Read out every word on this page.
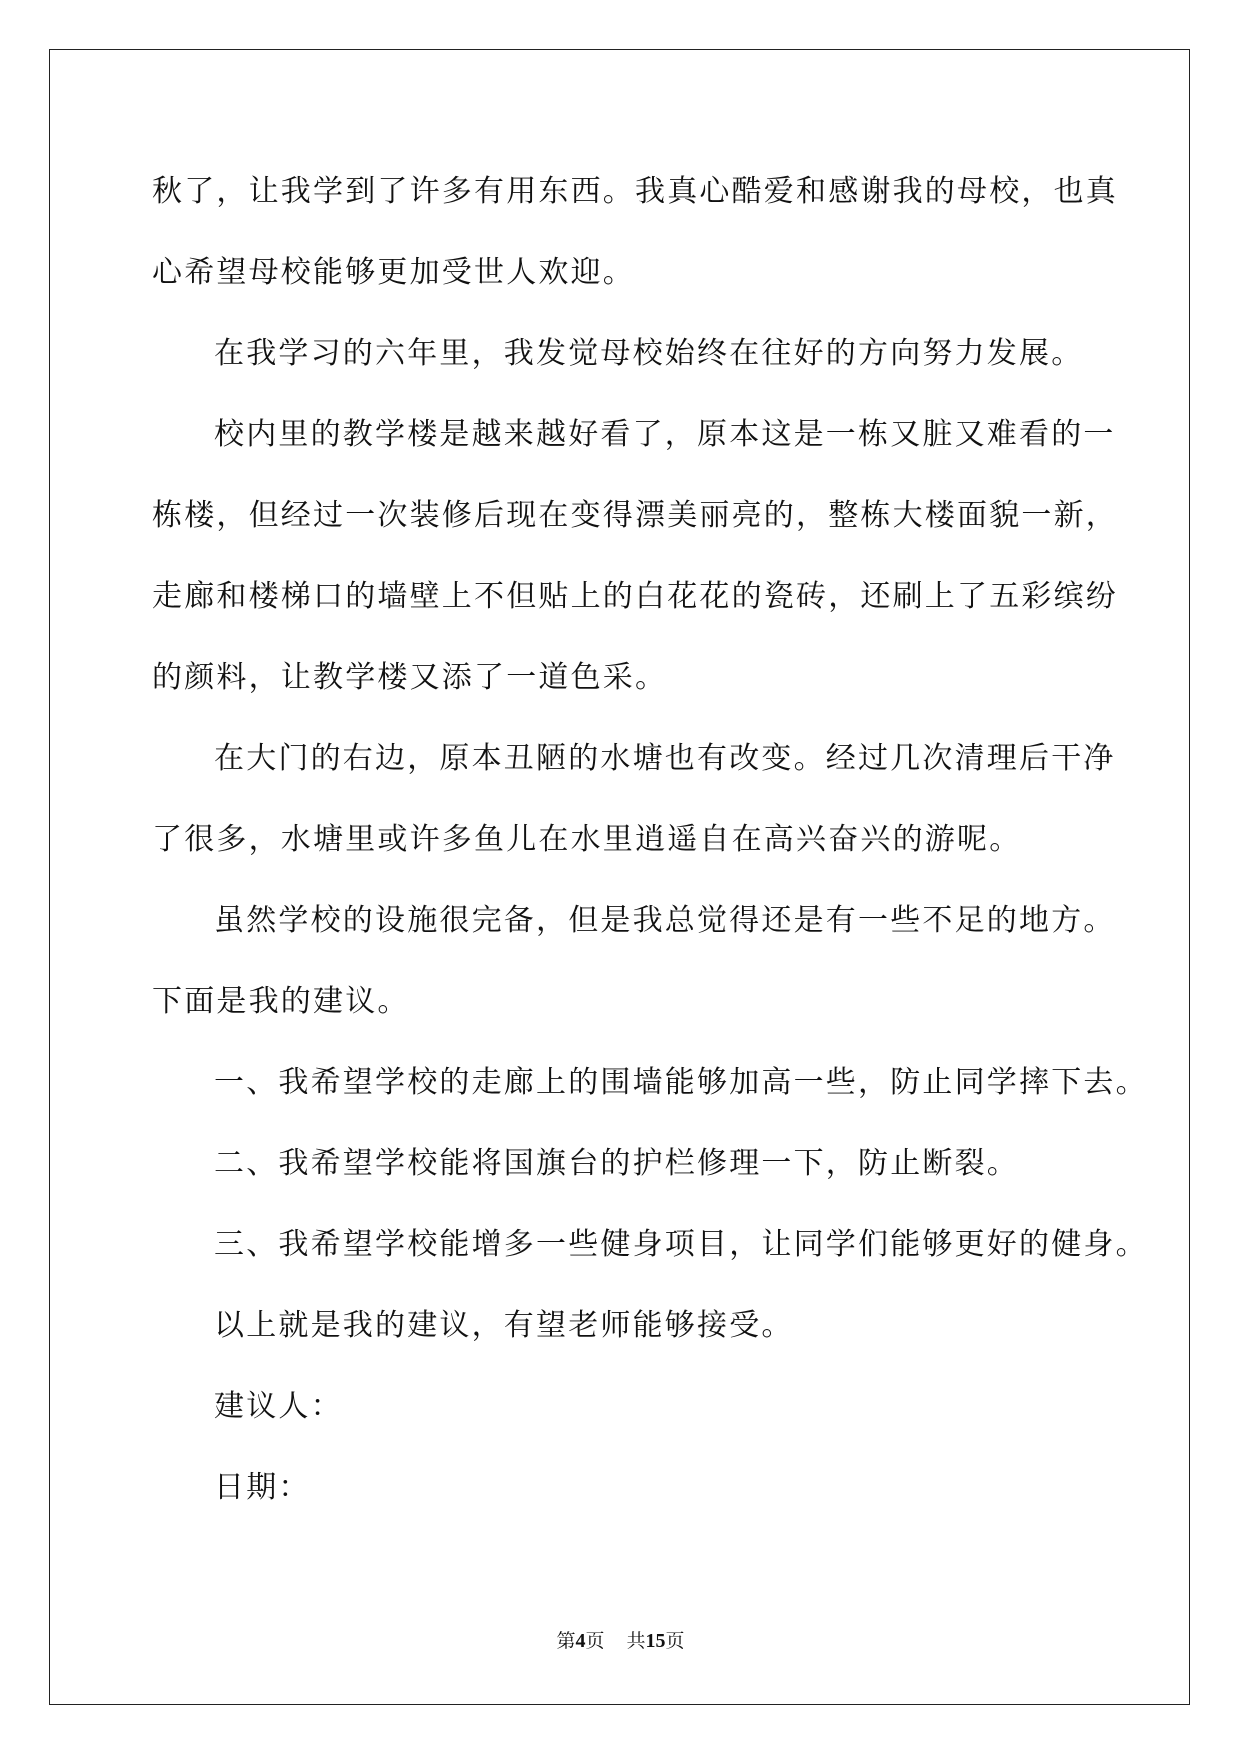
秋了，让我学到了许多有用东西。我真心酷爱和感谢我的母校，也真
心希望母校能够更加受世人欢迎。
在我学习的六年里，我发觉母校始终在往好的方向努力发展。
校内里的教学楼是越来越好看了，原本这是一栋又脏又难看的一
栋楼，但经过一次装修后现在变得漂美丽亮的，整栋大楼面貌一新，
走廊和楼梯口的墙壁上不但贴上的白花花的瓷砖，还刷上了五彩缤纷
的颜料，让教学楼又添了一道色采。
在大门的右边，原本丑陋的水塘也有改变。经过几次清理后干净
了很多，水塘里或许多鱼儿在水里逍遥自在高兴奋兴的游呢。
虽然学校的设施很完备，但是我总觉得还是有一些不足的地方。
下面是我的建议。
一、我希望学校的走廊上的围墙能够加高一些，防止同学摔下去。
二、我希望学校能将国旗台的护栏修理一下，防止断裂。
三、我希望学校能增多一些健身项目，让同学们能够更好的健身。
以上就是我的建议，有望老师能够接受。
建议人：
日期：
第4页 共15页
